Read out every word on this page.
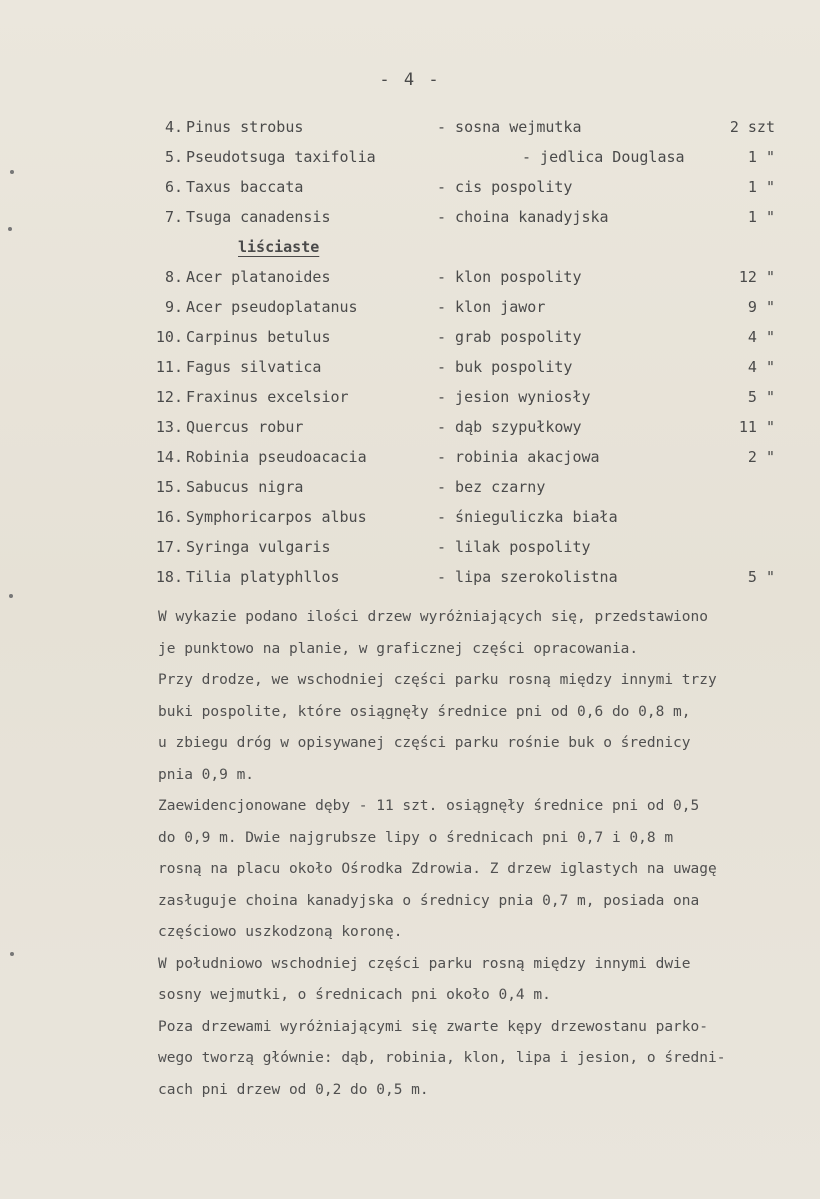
- 4 -
4. Pinus strobus	- sosna wejmutka	2 szt
5. Pseudotsuga taxifolia	- jedlica Douglasa	1 "
6. Taxus baccata	- cis pospolity	1 "
7. Tsuga canadensis	- choina kanadyjska	1 "
liściaste
8. Acer platanoides	- klon pospolity	12 "
9. Acer pseudoplatanus	- klon jawor	9 "
10. Carpinus betulus	- grab pospolity	4 "
11. Fagus silvatica	- buk pospolity	4 "
12. Fraxinus excelsior	- jesion wyniosły	5 "
13. Quercus robur	- dąb szypułkowy	11 "
14. Robinia pseudoacacia	- robinia akacjowa	2 "
15. Sabucus nigra	- bez czarny
16. Symphoricarpos albus	- śnieguliczka biała
17. Syringa vulgaris	- lilak pospolity
18. Tilia platyphllos	- lipa szerokolistna	5 "

W wykazie podano ilości drzew wyróżniających się, przedstawiono

je punktowo na planie, w graficznej części opracowania.

Przy drodze, we wschodniej części parku rosną między innymi trzy

buki pospolite, które osiągnęły średnice pni od 0,6 do 0,8 m,

u zbiegu dróg w opisywanej części parku rośnie buk o średnicy

pnia 0,9 m.

Zaewidencjonowane dęby - 11 szt. osiągnęły średnice pni od 0,5

do 0,9 m. Dwie najgrubsze lipy o średnicach pni 0,7 i 0,8 m

rosną na placu około Ośrodka Zdrowia. Z drzew iglastych na uwagę

zasługuje choina kanadyjska o średnicy pnia 0,7 m, posiada ona

częściowo uszkodzoną koronę.

W południowo wschodniej części parku rosną między innymi dwie

sosny wejmutki, o średnicach pni około 0,4 m.

Poza drzewami wyróżniającymi się zwarte kępy drzewostanu parko-

wego tworzą głównie: dąb, robinia, klon, lipa i jesion, o średni-

cach pni drzew od 0,2 do 0,5 m.
